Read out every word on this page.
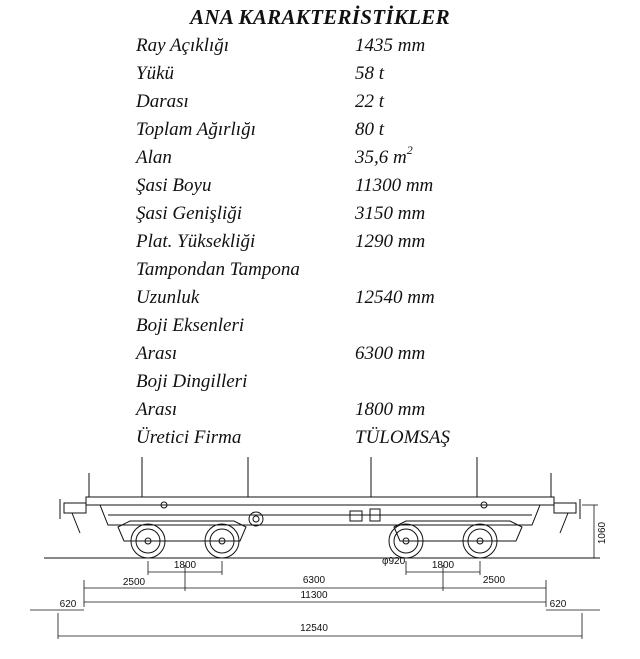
ANA KARAKTERİSTİKLER
Ray Açıklığı	1435 mm
Yükü	58 t
Darası	22 t
Toplam Ağırlığı	80 t
Alan	35,6 $m^2$
Şasi Boyu	11300 mm
Şasi Genişliği	3150 mm
Plat. Yüksekliği	1290 mm
Tampondan Tampona
Uzunluk	12540 mm
Boji Eksenleri
Arası	6300 mm
Boji Dingilleri
Arası	1800 mm
Üretici Firma	TÜLOMSAŞ
1060
φ920
1800	1800
2500	6300	2500
620
11300
620
12540
